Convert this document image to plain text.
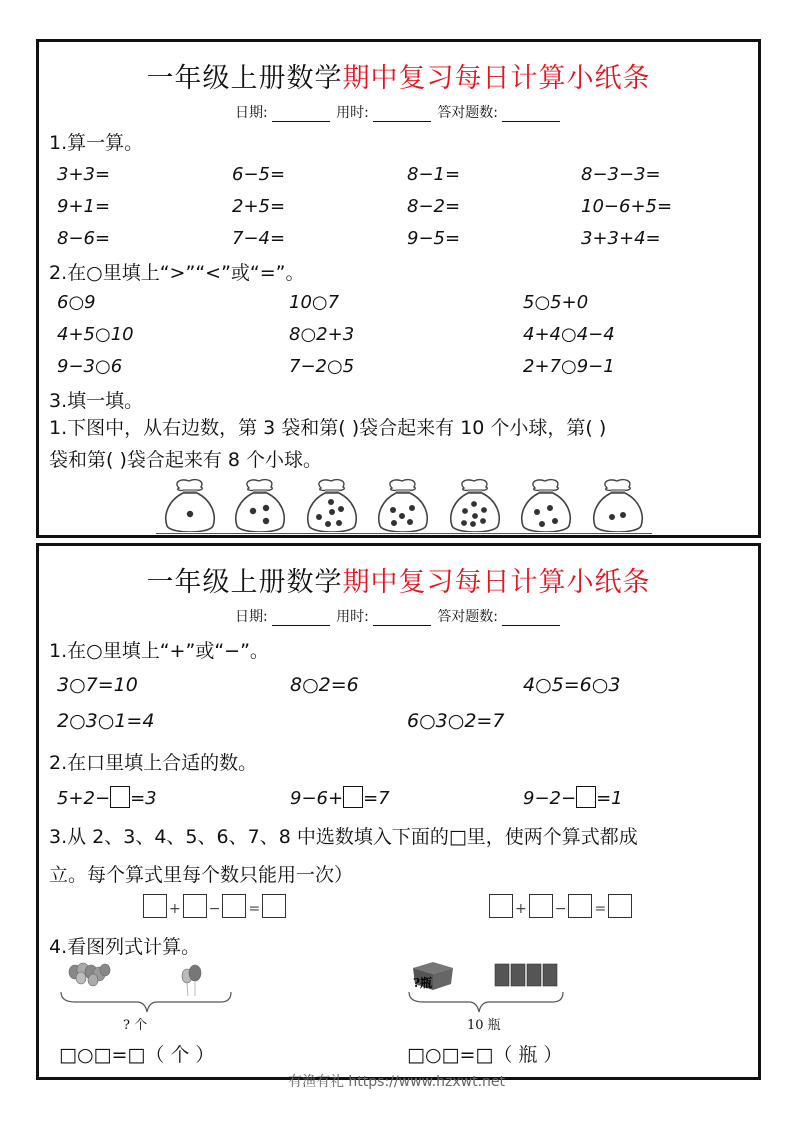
一年级上册数学期中复习每日计算小纸条
日期:	用时:	答对题数:
1.算一算。
3+3=	6−5=	8−1=	8−3−3=
9+1=	2+5=	8−2=	10−6+5=
8−6=	7−4=	9−5=	3+3+4=
2.在○里填上“>”“<”或“=”。
6○9	10○7	5○5+0
4+5○10	8○2+3	4+4○4−4
9−3○6	7−2○5	2+7○9−1
3.填一填。
1.下图中，从右边数，第 3 袋和第( )袋合起来有 10 个小球，第( )
袋和第( )袋合起来有 8 个小球。
一年级上册数学期中复习每日计算小纸条
日期:	用时:	答对题数:
1.在○里填上“+”或“−”。
3○7=10	8○2=6	4○5=6○3
2○3○1=4	6○3○2=7
2.在口里填上合适的数。
5+2− =3	9−6+ =7	9−2− =1
3.从 2、3、4、5、6、7、8 中选数填入下面的□里，使两个算式都成
立。每个算式里每个数只能用一次）
+ − =	+ − =
4.看图列式计算。
? 个
□○□=□（ 个 ）
?瓶
10 瓶
□○□=□（ 瓶 ）
有渔有礼 https://www.hzxwt.net
